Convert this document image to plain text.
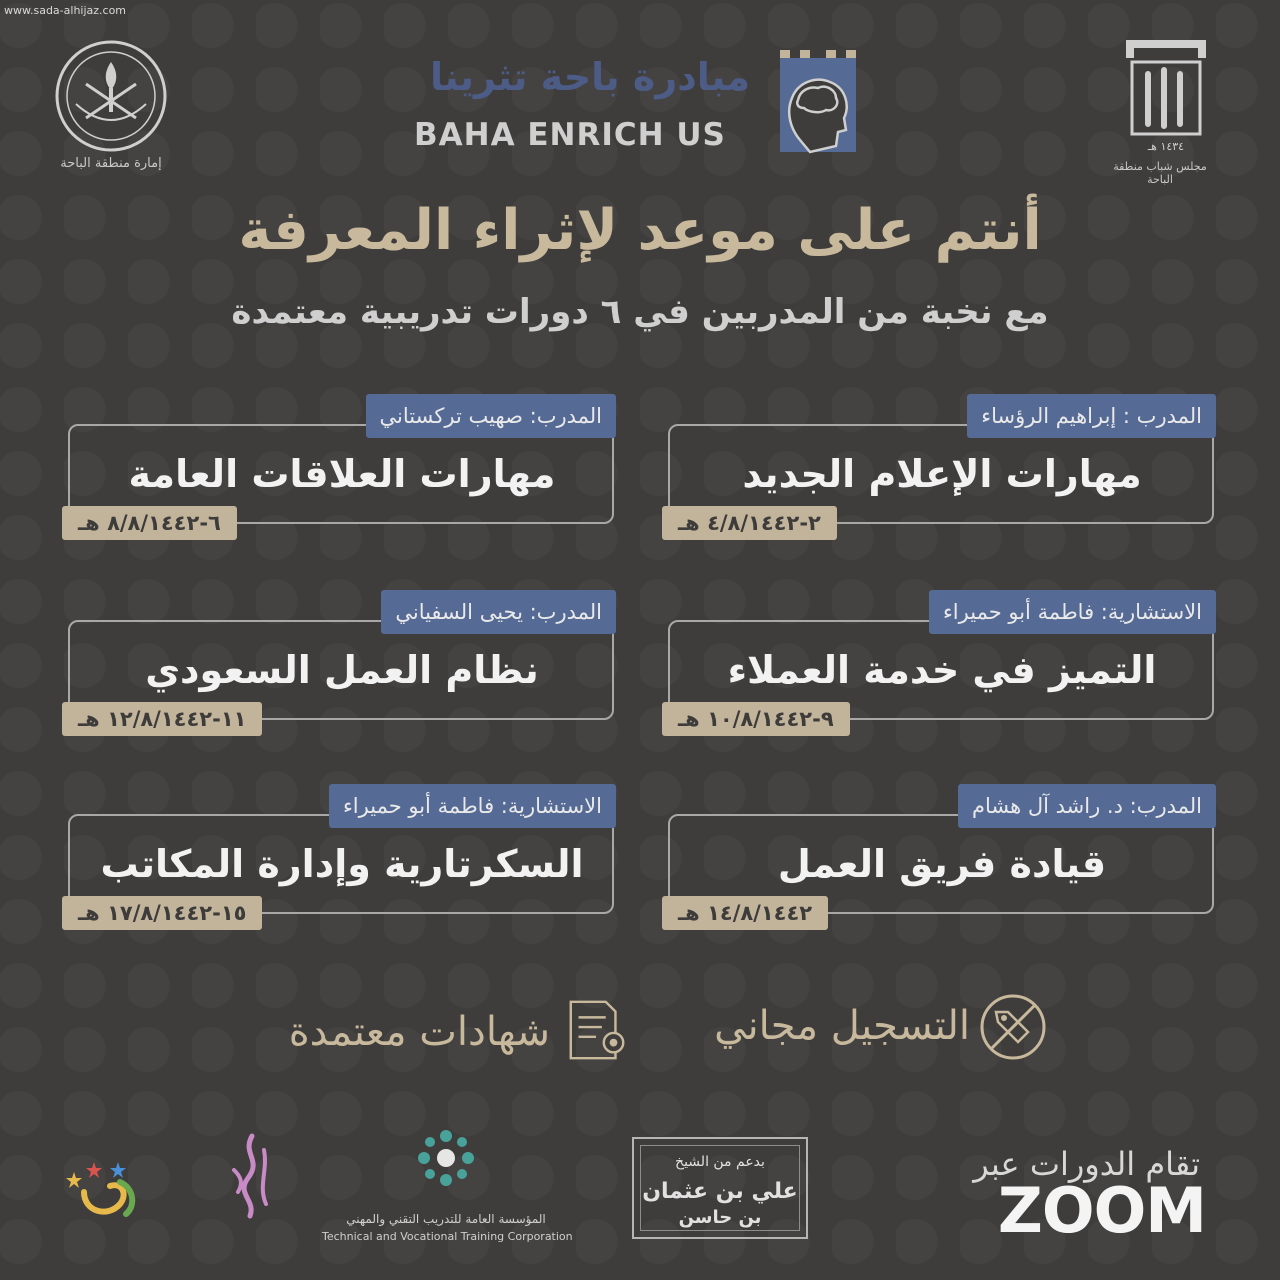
www.sada-alhijaz.com
إمارة منطقة الباحة
مبادرة باحة تثرينا
BAHA ENRICH US	١٤٣٤ هـ
مجلس شباب منطقة الباحة
أنتم على موعد لإثراء المعرفة
مع نخبة من المدربين في ٦ دورات تدريبية معتمدة
المدرب : إبراهيم الرؤساء
مهارات الإعلام الجديد
٢-٤/٨/١٤٤٢ هـ
المدرب: صهيب تركستاني
مهارات العلاقات العامة
٦-٨/٨/١٤٤٢ هـ
الاستشارية: فاطمة أبو حميراء
التميز في خدمة العملاء
٩-١٠/٨/١٤٤٢ هـ
المدرب: يحيى السفياني
نظام العمل السعودي
١١-١٢/٨/١٤٤٢ هـ
المدرب: د. راشد آل هشام
قيادة فريق العمل
١٤/٨/١٤٤٢ هـ
الاستشارية: فاطمة أبو حميراء
السكرتارية وإدارة المكاتب
١٥-١٧/٨/١٤٤٢ هـ
التسجيل مجاني
شهادات معتمدة
تقام الدورات عبر
ZOOM
بدعم من الشيخ
علي بن عثمان
بن حاسن
المؤسسة العامة للتدريب التقني والمهني
Technical and Vocational Training Corporation
